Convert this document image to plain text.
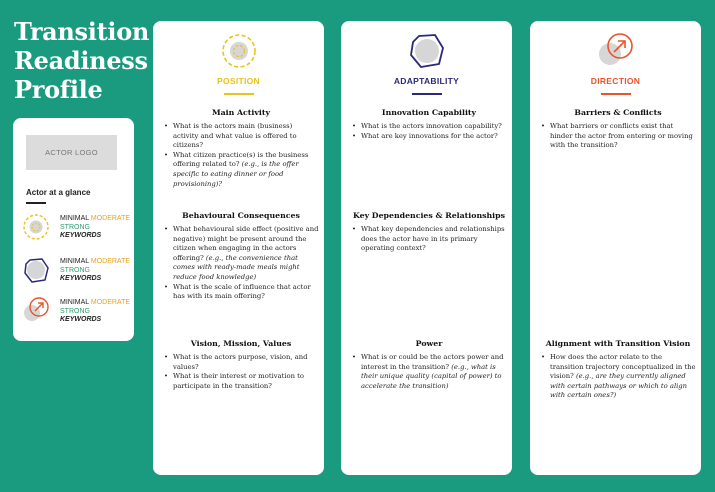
Transition
Readiness
Profile
ACTOR LOGO
Actor at a glance
MINIMAL MODERATE STRONG
KEYWORDS
MINIMAL MODERATE STRONG
KEYWORDS
MINIMAL MODERATE STRONG
KEYWORDS
POSITION
Main Activity
• What is the actors main (business) activity and what value is offered to citizens?
• What citizen practice(s) is the business offering related to? (e.g., is the offer specific to eating dinner or food provisioning)?
Behavioural Consequences
• What behavioural side effect (positive and negative) might be present around the citizen when engaging in the actors offering? (e.g., the convenience that comes with ready-made meals might reduce food knowledge)
• What is the scale of influence that actor has with its main offering?
Vision, Mission, Values
• What is the actors purpose, vision, and values?
• What is their interest or motivation to participate in the transition?
ADAPTABILITY
Innovation Capability
• What is the actors innovation capability?
• What are key innovations for the actor?
Key Dependencies & Relationships
• What key dependencies and relationships does the actor have in its primary operating context?
Power
• What is or could be the actors power and interest in the transition? (e.g., what is their unique quality (capital of power) to accelerate the transition)
DIRECTION
Barriers & Conflicts
• What barriers or conflicts exist that hinder the actor from entering or moving with the transition?
Alignment with Transition Vision
• How does the actor relate to the transition trajectory conceptualized in the vision? (e.g., are they currently aligned with certain pathways or which to align with certain ones?)
